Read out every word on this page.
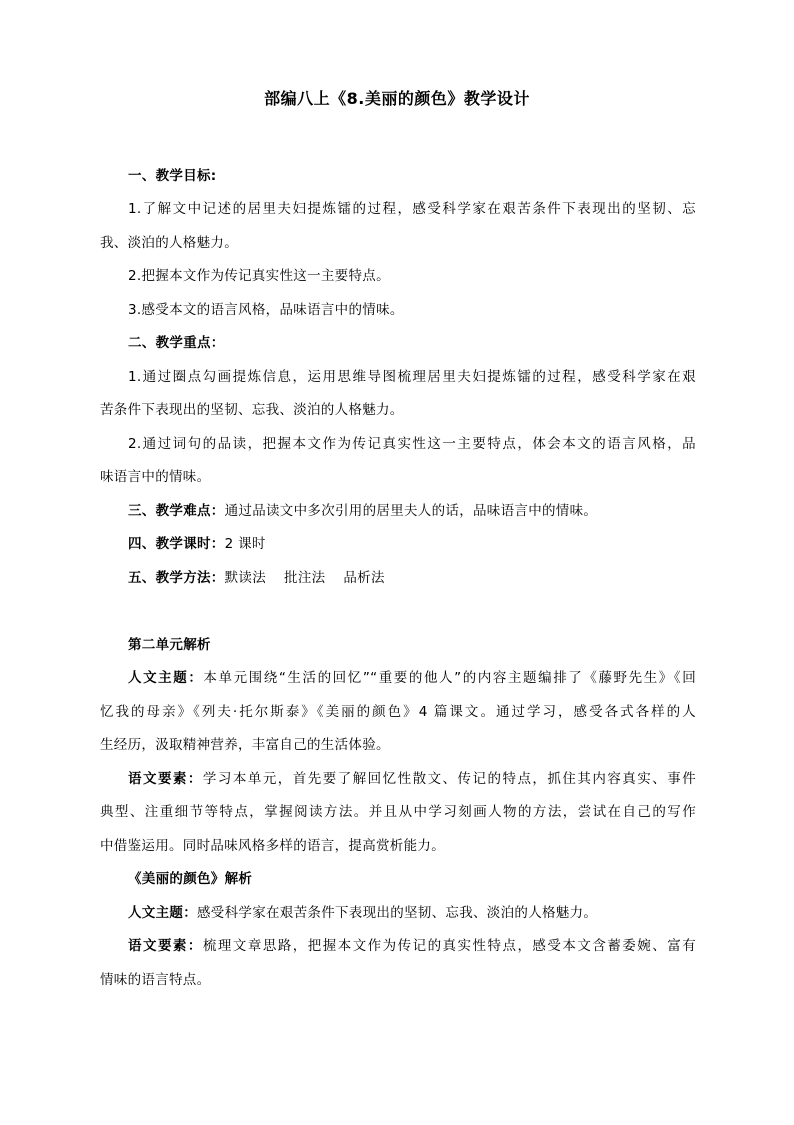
部编八上《8.美丽的颜色》教学设计
一、教学目标:
1.了解文中记述的居里夫妇提炼镭的过程，感受科学家在艰苦条件下表现出的坚韧、忘
我、淡泊的人格魅力。
2.把握本文作为传记真实性这一主要特点。
3.感受本文的语言风格，品味语言中的情味。
二、教学重点：
1.通过圈点勾画提炼信息，运用思维导图梳理居里夫妇提炼镭的过程，感受科学家在艰
苦条件下表现出的坚韧、忘我、淡泊的人格魅力。
2.通过词句的品读，把握本文作为传记真实性这一主要特点，体会本文的语言风格，品
味语言中的情味。
三、教学难点：通过品读文中多次引用的居里夫人的话，品味语言中的情味。
四、教学课时：2 课时
五、教学方法：默读法 批注法 品析法
第二单元解析
人文主题：本单元围绕“生活的回忆”“重要的他人”的内容主题编排了《藤野先生》《回
忆我的母亲》《列夫·托尔斯泰》《美丽的颜色》4 篇课文。通过学习，感受各式各样的人
生经历，汲取精神营养，丰富自己的生活体验。
语文要素：学习本单元，首先要了解回忆性散文、传记的特点，抓住其内容真实、事件
典型、注重细节等特点，掌握阅读方法。并且从中学习刻画人物的方法，尝试在自己的写作
中借鉴运用。同时品味风格多样的语言，提高赏析能力。
《美丽的颜色》解析
人文主题：感受科学家在艰苦条件下表现出的坚韧、忘我、淡泊的人格魅力。
语文要素：梳理文章思路，把握本文作为传记的真实性特点，感受本文含蓄委婉、富有
情味的语言特点。
